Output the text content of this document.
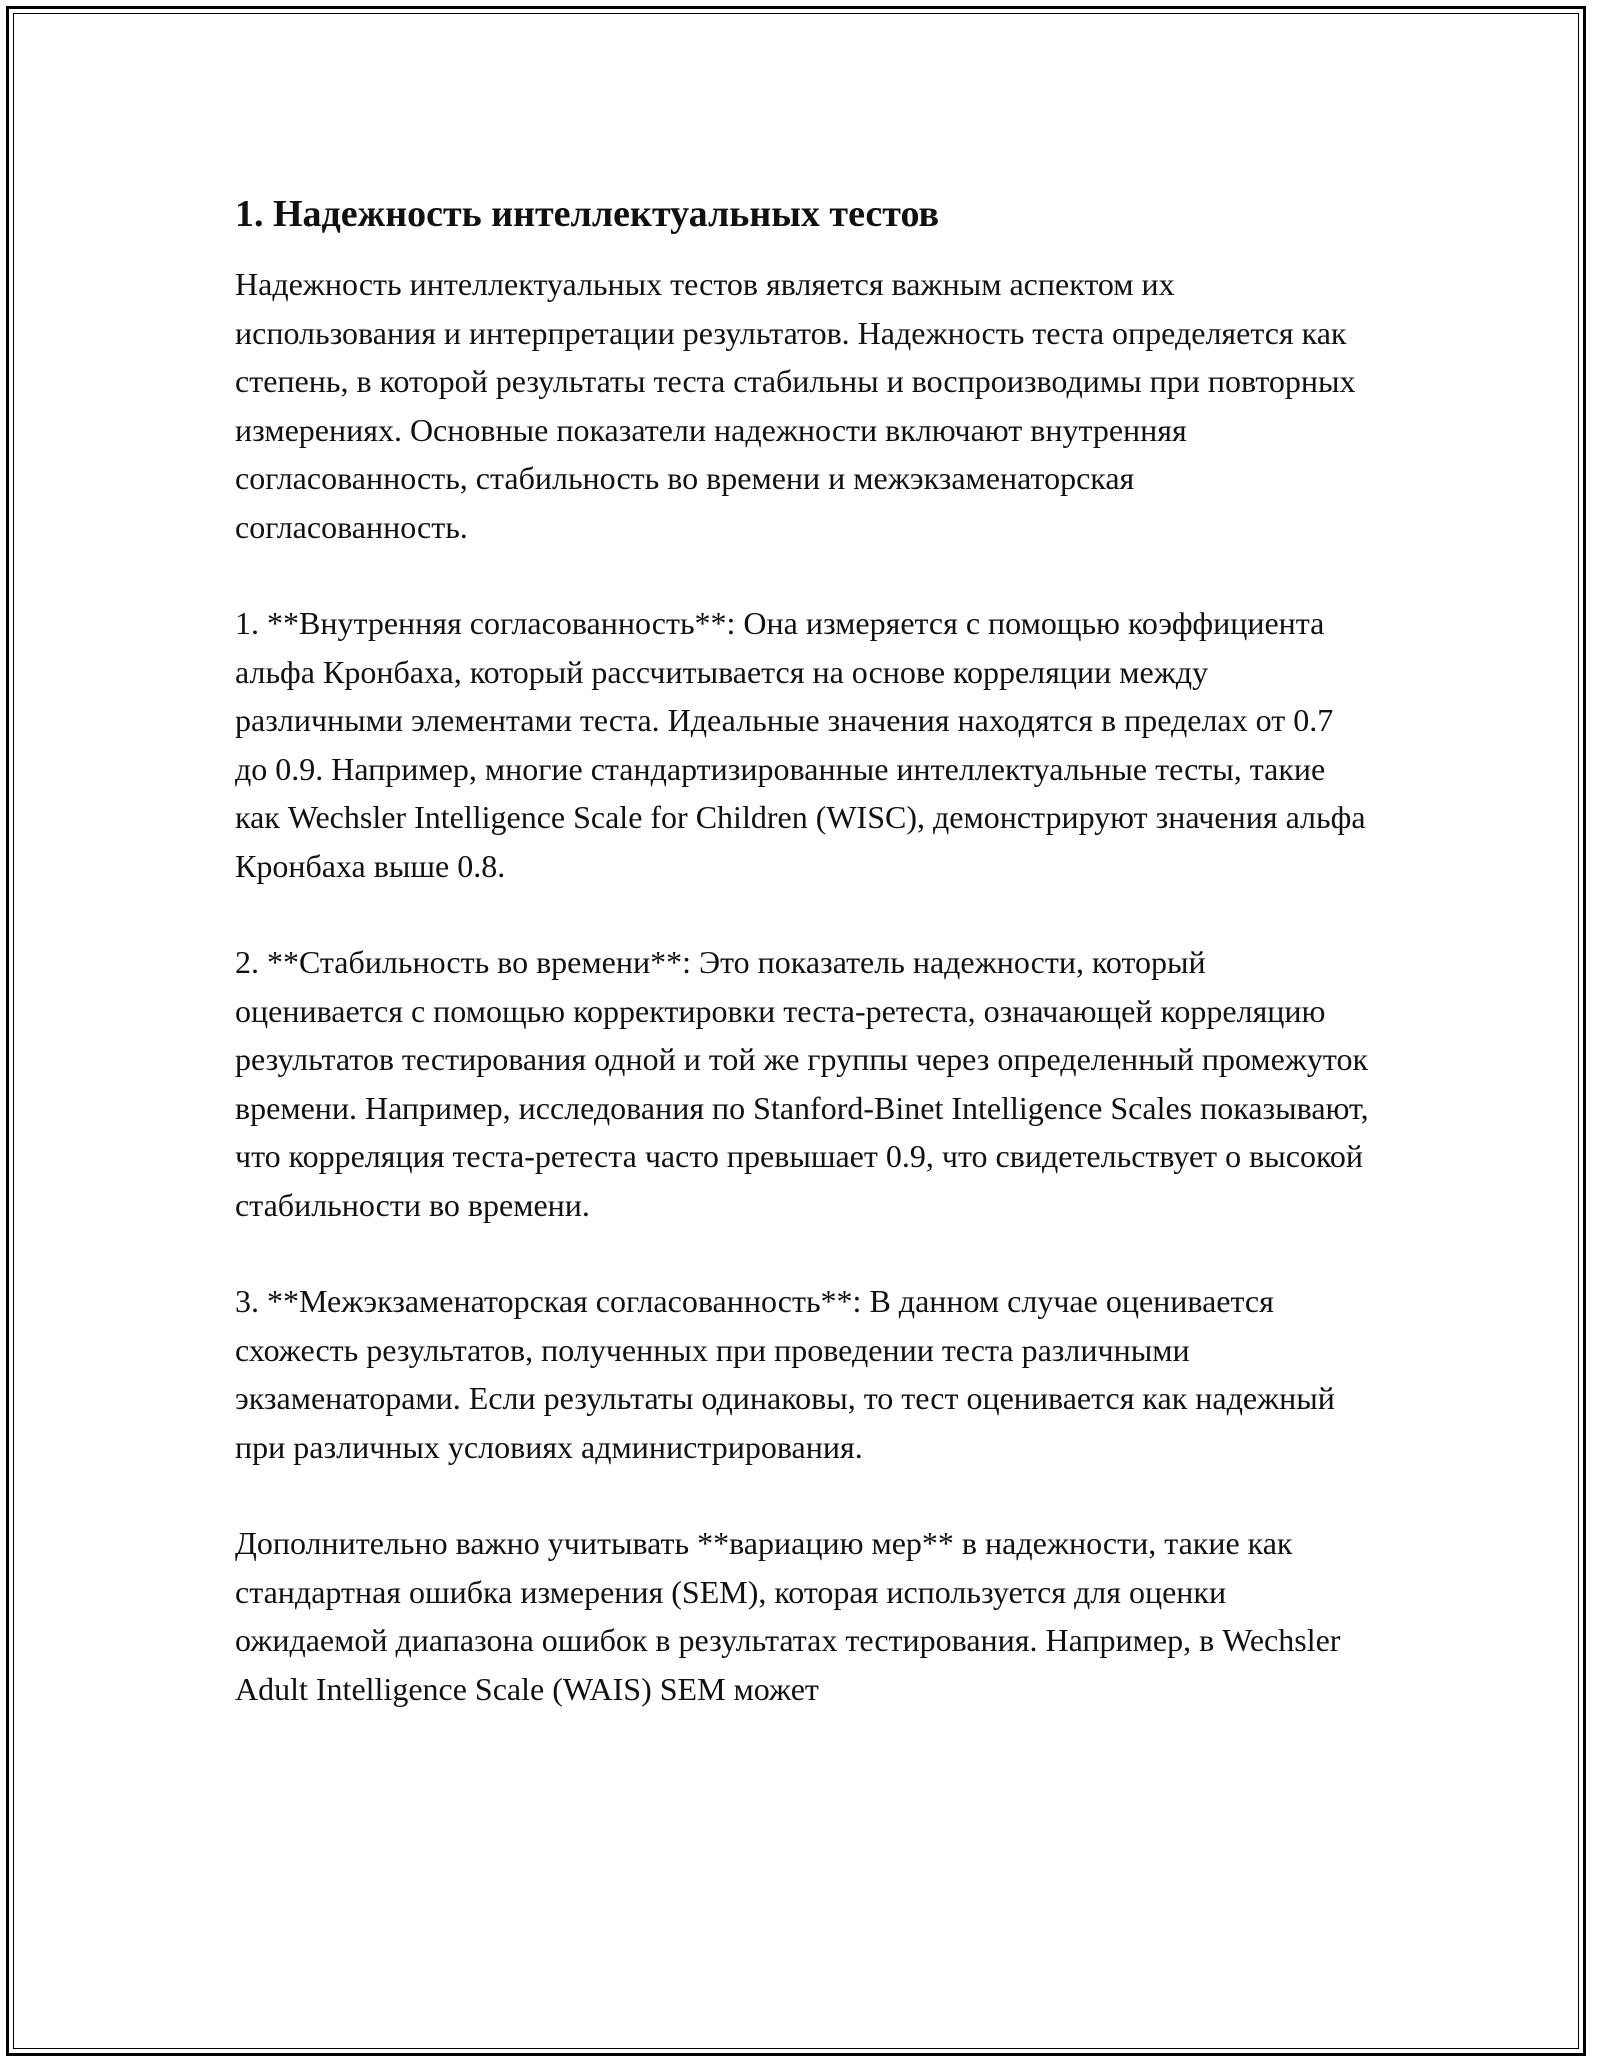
1. Надежность интеллектуальных тестов

Надежность интеллектуальных тестов является важным аспектом их использования и интерпретации результатов. Надежность теста определяется как степень, в которой результаты теста стабильны и воспроизводимы при повторных измерениях. Основные показатели надежности включают внутренняя согласованность, стабильность во времени и межэкзаменаторская согласованность.

1. **Внутренняя согласованность**: Она измеряется с помощью коэффициента альфа Кронбаха, который рассчитывается на основе корреляции между различными элементами теста. Идеальные значения находятся в пределах от 0.7 до 0.9. Например, многие стандартизированные интеллектуальные тесты, такие как Wechsler Intelligence Scale for Children (WISC), демонстрируют значения альфа Кронбаха выше 0.8.

2. **Стабильность во времени**: Это показатель надежности, который оценивается с помощью корректировки теста-ретеста, означающей корреляцию результатов тестирования одной и той же группы через определенный промежуток времени. Например, исследования по Stanford-Binet Intelligence Scales показывают, что корреляция теста-ретеста часто превышает 0.9, что свидетельствует о высокой стабильности во времени.

3. **Межэкзаменаторская согласованность**: В данном случае оценивается схожесть результатов, полученных при проведении теста различными экзаменаторами. Если результаты одинаковы, то тест оценивается как надежный при различных условиях администрирования.

Дополнительно важно учитывать **вариацию мер** в надежности, такие как стандартная ошибка измерения (SEM), которая используется для оценки ожидаемой диапазона ошибок в результатах тестирования. Например, в Wechsler Adult Intelligence Scale (WAIS) SEM может
